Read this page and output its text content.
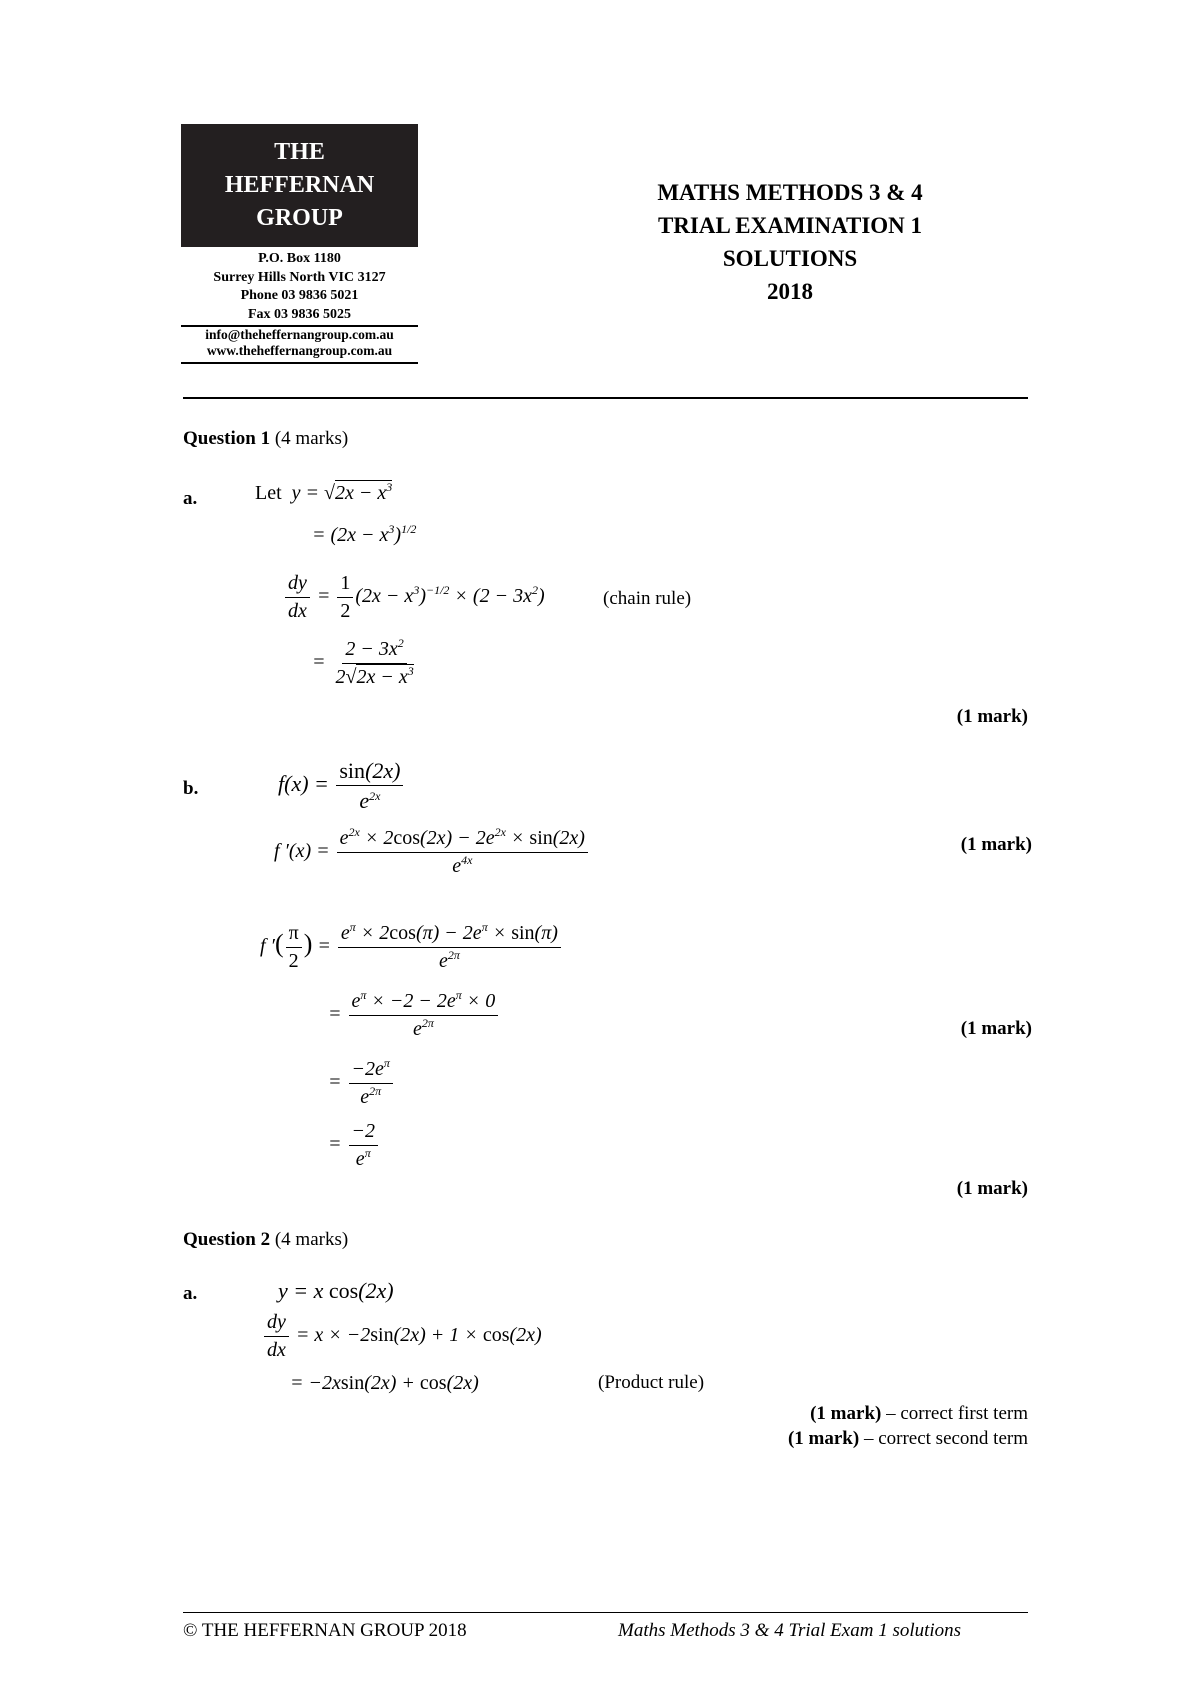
THE
HEFFERNAN
GROUP
P.O. Box 1180
Surrey Hills North VIC 3127
Phone 03 9836 5021
Fax 03 9836 5025
info@theheffernangroup.com.au
www.theheffernangroup.com.au
MATHS METHODS 3 & 4
TRIAL EXAMINATION 1
SOLUTIONS
2018
Question 1 (4 marks)
a.	Let  $y = √2x - x^3$
= $(2x - x^3)^{1/2}$
$\frac{dy}{dx} = \frac{1}{2} (2x - x^3)^{-1/2} \times (2 - 3x^2)$	(chain rule)
= $\frac{2 - 3x^2}{2√2x - x^3}$
(1 mark)
b.	$f(x) = \frac{\sin(2x)}{e^{2x}}$
f $'(x) = \frac{e^{2x} \times 2\cos(2x) - 2e^{2x} \times \sin(2x)}{e^{4x}}$	(1 mark)
f ′( $\frac{\pi}{2}$ ) = $\frac{e^\pi \times 2\cos(\pi) - 2e^\pi \times \sin(\pi)}{e^{2\pi}}$
= $\frac{e^\pi \times -2 - 2e^\pi \times 0}{e^{2\pi}}$	(1 mark)
= $\frac{-2e^\pi}{e^{2\pi}}$
= $\frac{-2}{e^\pi}$
(1 mark)
Question 2 (4 marks)
a.	y = x cos(2x)
$\frac{dy}{dx} = x \times -2\sin(2x) + 1 \times \cos(2x)$
= −2xsin(2x) + cos(2x)	(Product rule)
(1 mark) – correct first term
(1 mark) – correct second term
© THE HEFFERNAN GROUP 2018	Maths Methods 3 & 4 Trial Exam 1 solutions
